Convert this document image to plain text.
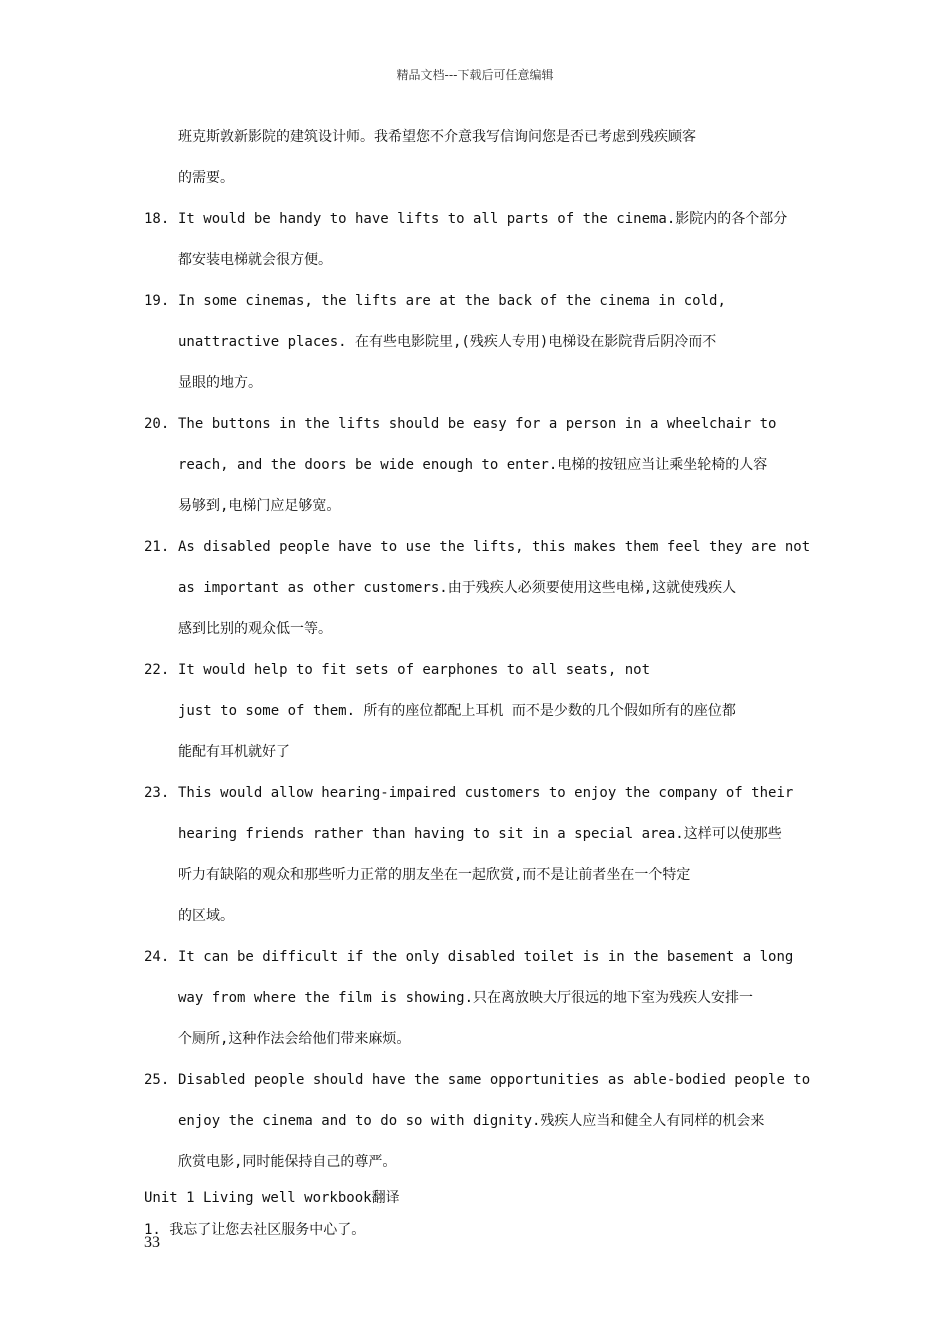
精品文档---下载后可任意编辑
班克斯敦新影院的建筑设计师。我希望您不介意我写信询问您是否已考虑到残疾顾客
的需要。
18. It would be handy to have lifts to all parts of the cinema.影院内的各个部分
都安装电梯就会很方便。
19. In some cinemas, the lifts are at the back of the cinema in cold,
unattractive places. 在有些电影院里,(残疾人专用)电梯设在影院背后阴冷而不
显眼的地方。
20. The buttons in the lifts should be easy for a person in a wheelchair to
reach, and the doors be wide enough to enter.电梯的按钮应当让乘坐轮椅的人容
易够到,电梯门应足够宽。
21. As disabled people have to use the lifts, this makes them feel they are not
as important as other customers.由于残疾人必须要使用这些电梯,这就使残疾人
感到比别的观众低一等。
22. It would help to fit sets of earphones to all seats, not
just to some of them. 所有的座位都配上耳机 而不是少数的几个假如所有的座位都
能配有耳机就好了
23. This would allow hearing-impaired customers to enjoy the company of their
hearing friends rather than having to sit in a special area.这样可以使那些
听力有缺陷的观众和那些听力正常的朋友坐在一起欣赏,而不是让前者坐在一个特定
的区域。
24. It can be difficult if the only disabled toilet is in the basement a long
way from where the film is showing.只在离放映大厅很远的地下室为残疾人安排一
个厕所,这种作法会给他们带来麻烦。
25. Disabled people should have the same opportunities as able-bodied people to
enjoy the cinema and to do so with dignity.残疾人应当和健全人有同样的机会来
欣赏电影,同时能保持自己的尊严。
Unit 1 Living well workbook翻译
1. 我忘了让您去社区服务中心了。
33
